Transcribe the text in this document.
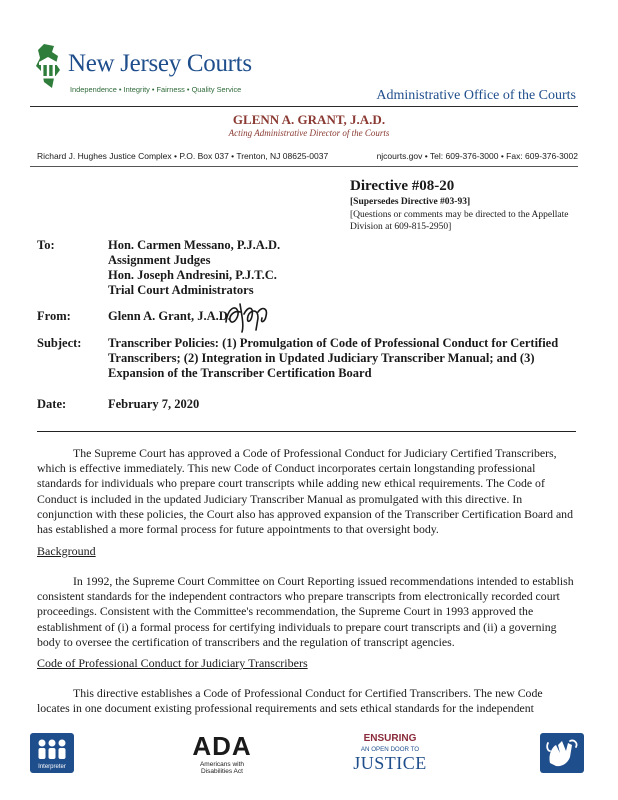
New Jersey Courts
Independence • Integrity • Fairness • Quality Service	Administrative Office of the Courts
GLENN A. GRANT, J.A.D.
Acting Administrative Director of the Courts
Richard J. Hughes Justice Complex • P.O. Box 037 • Trenton, NJ 08625-0037	njcourts.gov • Tel: 609-376-3000 • Fax: 609-376-3002
Directive #08-20
[Supersedes Directive #03-93]
[Questions or comments may be directed to the Appellate Division at 609-815-2950]
To:	Hon. Carmen Messano, P.J.A.D.
Assignment Judges
Hon. Joseph Andresini, P.J.T.C.
Trial Court Administrators
From:	Glenn A. Grant, J.A.D.
Subject: Transcriber Policies: (1) Promulgation of Code of Professional Conduct for Certified Transcribers; (2) Integration in Updated Judiciary Transcriber Manual; and (3) Expansion of the Transcriber Certification Board
Date:	February 7, 2020
The Supreme Court has approved a Code of Professional Conduct for Judiciary Certified Transcribers, which is effective immediately. This new Code of Conduct incorporates certain longstanding professional standards for individuals who prepare court transcripts while adding new ethical requirements. The Code of Conduct is included in the updated Judiciary Transcriber Manual as promulgated with this directive. In conjunction with these policies, the Court also has approved expansion of the Transcriber Certification Board and has established a more formal process for future appointments to that oversight body.
Background
In 1992, the Supreme Court Committee on Court Reporting issued recommendations intended to establish consistent standards for the independent contractors who prepare transcripts from electronically recorded court proceedings. Consistent with the Committee's recommendation, the Supreme Court in 1993 approved the establishment of (i) a formal process for certifying individuals to prepare court transcripts and (ii) a governing body to oversee the certification of transcribers and the regulation of transcript agencies.
Code of Professional Conduct for Judiciary Transcribers
This directive establishes a Code of Professional Conduct for Certified Transcribers. The new Code locates in one document existing professional requirements and sets ethical standards for the independent
Interpreter
ADA
Americans with
Disabilities Act
ENSURING
AN OPEN DOOR TO
JUSTICE
